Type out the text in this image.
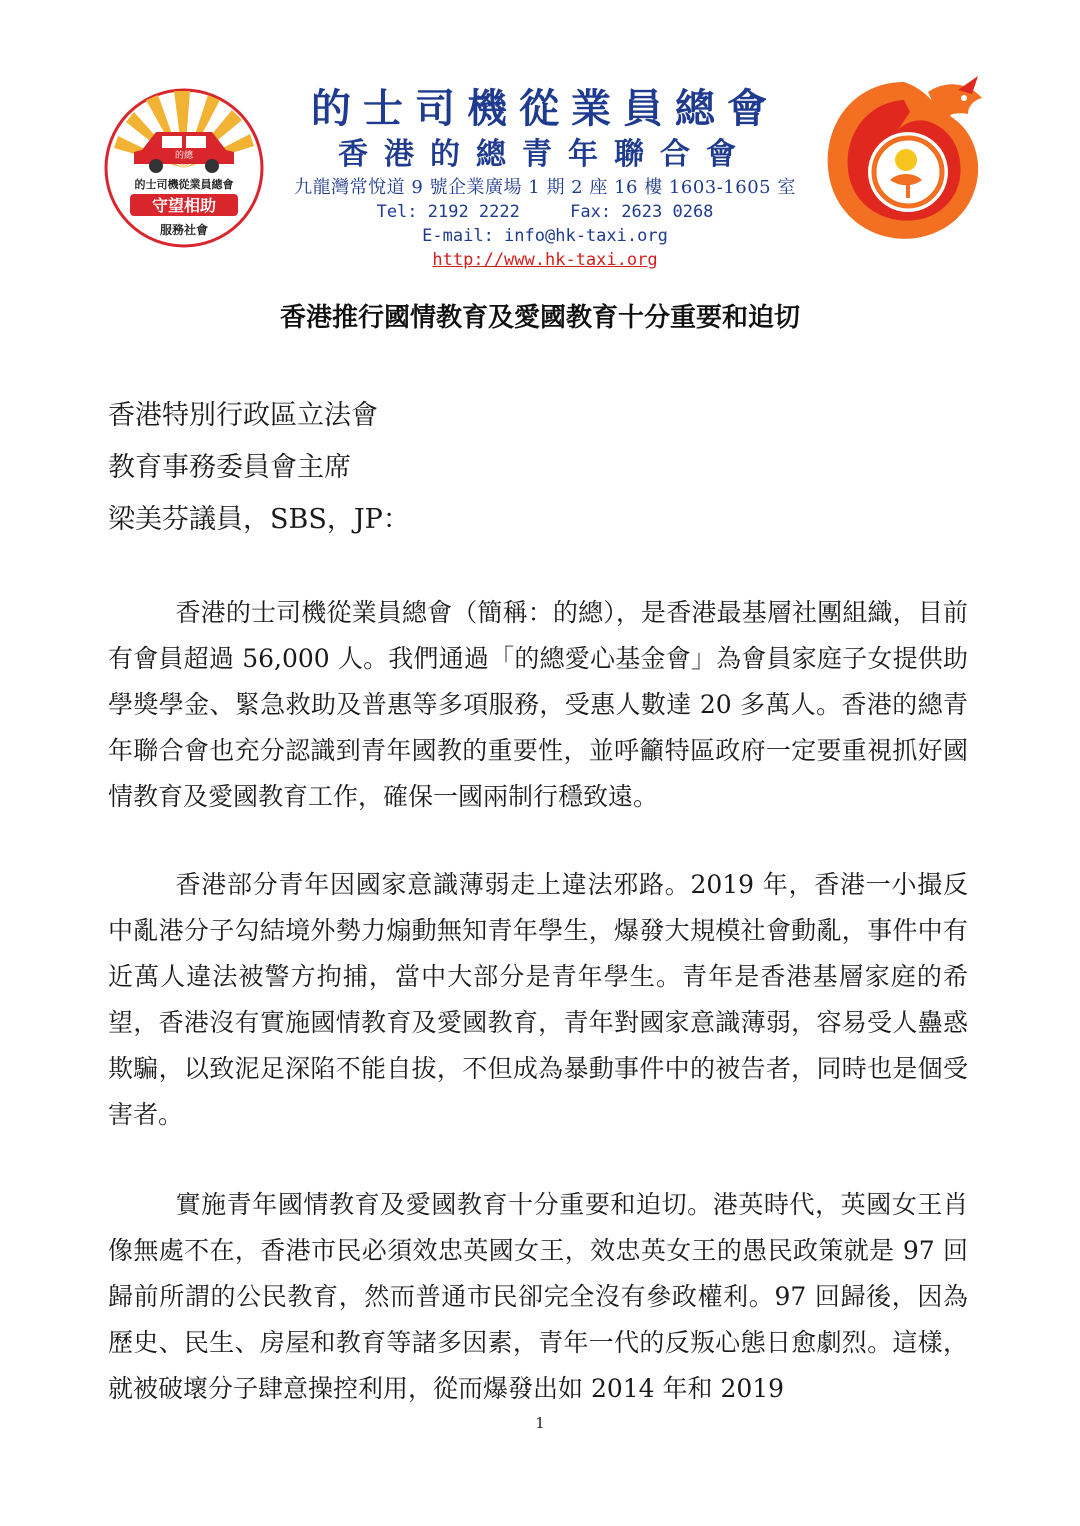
的總
的士司機從業員總會
守望相助
服務社會

的士司機從業員總會

香港的總青年聯合會

九龍灣常悅道 9 號企業廣場 1 期 2 座 16 樓 1603-1605 室

Tel: 2192 2222	Fax: 2623 0268

E-mail: info@hk-taxi.org

http://www.hk-taxi.org
香港推行國情教育及愛國教育十分重要和迫切
香港特別行政區立法會
教育事務委員會主席
梁美芬議員，SBS，JP：
香港的士司機從業員總會（簡稱：的總），是香港最基層社團組織，目前有會員超過 56,000 人。我們通過「的總愛心基金會」為會員家庭子女提供助學獎學金、緊急救助及普惠等多項服務，受惠人數達 20 多萬人。香港的總青年聯合會也充分認識到青年國教的重要性，並呼籲特區政府一定要重視抓好國情教育及愛國教育工作，確保一國兩制行穩致遠。
香港部分青年因國家意識薄弱走上違法邪路。2019 年，香港一小撮反中亂港分子勾結境外勢力煽動無知青年學生，爆發大規模社會動亂，事件中有近萬人違法被警方拘捕，當中大部分是青年學生。青年是香港基層家庭的希望，香港沒有實施國情教育及愛國教育，青年對國家意識薄弱，容易受人蠱惑欺騙，以致泥足深陷不能自拔，不但成為暴動事件中的被告者，同時也是個受害者。
實施青年國情教育及愛國教育十分重要和迫切。港英時代，英國女王肖像無處不在，香港市民必須效忠英國女王，效忠英女王的愚民政策就是 97 回歸前所謂的公民教育，然而普通市民卻完全沒有參政權利。97 回歸後，因為歷史、民生、房屋和教育等諸多因素，青年一代的反叛心態日愈劇烈。這樣，就被破壞分子肆意操控利用，從而爆發出如 2014 年和 2019
1
